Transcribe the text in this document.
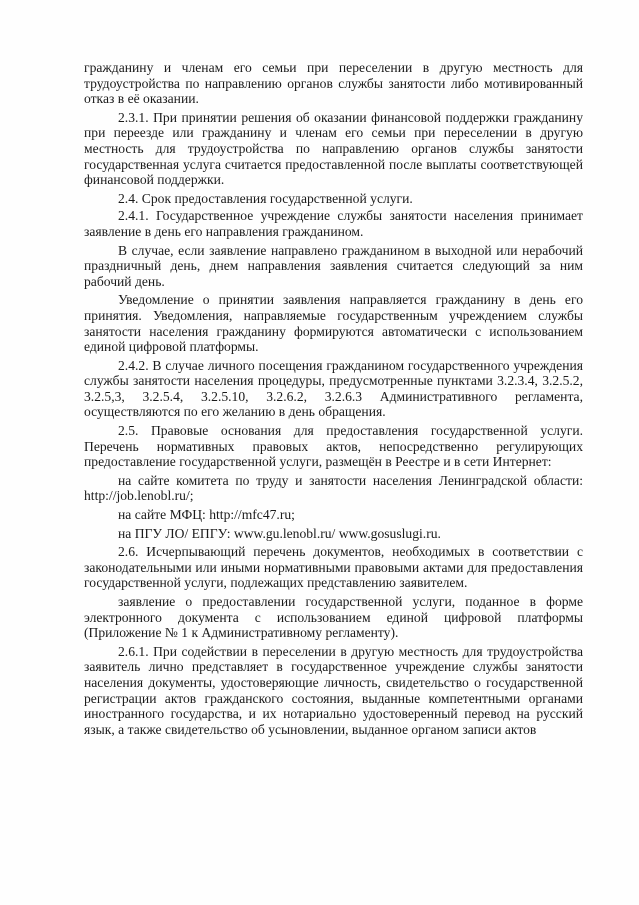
гражданину и членам его семьи при переселении в другую местность для трудоустройства по направлению органов службы занятости либо мотивированный отказ в её оказании.

2.3.1. При принятии решения об оказании финансовой поддержки гражданину при переезде или гражданину и членам его семьи при переселении в другую местность для трудоустройства по направлению органов службы занятости государственная услуга считается предоставленной после выплаты соответствующей финансовой поддержки.

2.4. Срок предоставления государственной услуги.

2.4.1. Государственное учреждение службы занятости населения принимает заявление в день его направления гражданином.

В случае, если заявление направлено гражданином в выходной или нерабочий праздничный день, днем направления заявления считается следующий за ним рабочий день.

Уведомление о принятии заявления направляется гражданину в день его принятия. Уведомления, направляемые государственным учреждением службы занятости населения гражданину формируются автоматически с использованием единой цифровой платформы.

2.4.2. В случае личного посещения гражданином государственного учреждения службы занятости населения процедуры, предусмотренные пунктами 3.2.3.4, 3.2.5.2, 3.2.5,3, 3.2.5.4, 3.2.5.10, 3.2.6.2, 3.2.6.3 Административного регламента, осуществляются по его желанию в день обращения.

2.5. Правовые основания для предоставления государственной услуги. Перечень нормативных правовых актов, непосредственно регулирующих предоставление государственной услуги, размещён в Реестре и в сети Интернет:

на сайте комитета по труду и занятости населения Ленинградской области: http://job.lenobl.ru/;

на сайте МФЦ: http://mfc47.ru;

на ПГУ ЛО/ ЕПГУ: www.gu.lenobl.ru/ www.gosuslugi.ru.

2.6. Исчерпывающий перечень документов, необходимых в соответствии с законодательными или иными нормативными правовыми актами для предоставления государственной услуги, подлежащих представлению заявителем.

заявление о предоставлении государственной услуги, поданное в форме электронного документа с использованием единой цифровой платформы (Приложение № 1 к Административному регламенту).

2.6.1. При содействии в переселении в другую местность для трудоустройства заявитель лично представляет в государственное учреждение службы занятости населения документы, удостоверяющие личность, свидетельство о государственной регистрации актов гражданского состояния, выданные компетентными органами иностранного государства, и их нотариально удостоверенный перевод на русский язык, а также свидетельство об усыновлении, выданное органом записи актов
